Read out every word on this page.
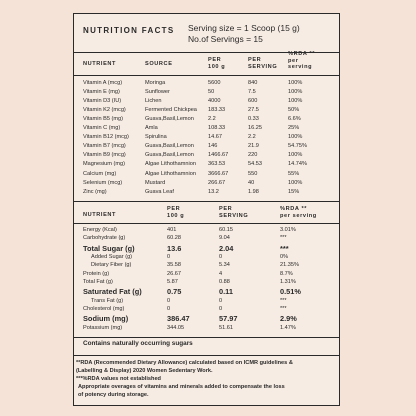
NUTRITION FACTS Serving size = 1 Scoop (15 g)
No.of Servings = 15
NUTRIENT	SOURCE
PER
100 g
PER
SERVING
%RDA **
per
serving
Vitamin A (mcg)	Moringa	5600	840	100%
Vitamin E (mg)	Sunflower	50	7.5	100%
Vitamin D3 (IU)	Lichen	4000	600	100%
Vitamin K2 (mcg)	Fermented Chickpea 183.33	27.5	50%
Vitamin B5 (mg)	Guava,Basil,Lemon	2.2	0.33	6.6%
Vitamin C (mg)	Amla	108.33	16.25	25%
Vitamin B12 (mcg)	Spirulina	14.67	2.2	100%
Vitamin B7 (mcg)	Guava,Basil,Lemon	146	21.9	54.75%
Vitamin B9 (mcg)	Guava,Basil,Lemon	1466.67	220	100%
Magnesium (mg)	Algae Lithothamnion 363.53	54.53	14.74%
Calcium (mg)	Algae Lithothamnion 3666.67	550	55%
Selenium (mcg)	Mustard	266.67	40	100%
Zinc (mg)	Guava Leaf	13.2	1.98	15%
NUTRIENT
PER
100 g
PER
SERVING
%RDA **
per serving
Energy (Kcal)	401	60.15	3.01%
Carbohydrate (g)	60.28	9.04	***
Total Sugar (g)	13.6	2.04	***
Added Sugar (g)	0	0	0%
Dietary Fiber (g)	35.58	5.34	21.35%
Protein (g)	26.67	4	8.7%
Total Fat (g)	5.87	0.88	1.31%
Saturated Fat (g)	0.75	0.11	0.51%
Trans Fat (g)	0	0	***
Cholesterol (mg)	0	0	***
Sodium (mg)	386.47	57.97	2.9%
Potassium (mg)	344.05	51.61	1.47%
Contains naturally occurring sugars
**RDA (Recommended Dietary Allowance) calculated based on ICMR guidelines &
(Labelling & Display) 2020 Women Sedentary Work.
***%RDA values not established
Appropriate overages of vitamins and minerals added to compensate the loss
of potency during storage.
